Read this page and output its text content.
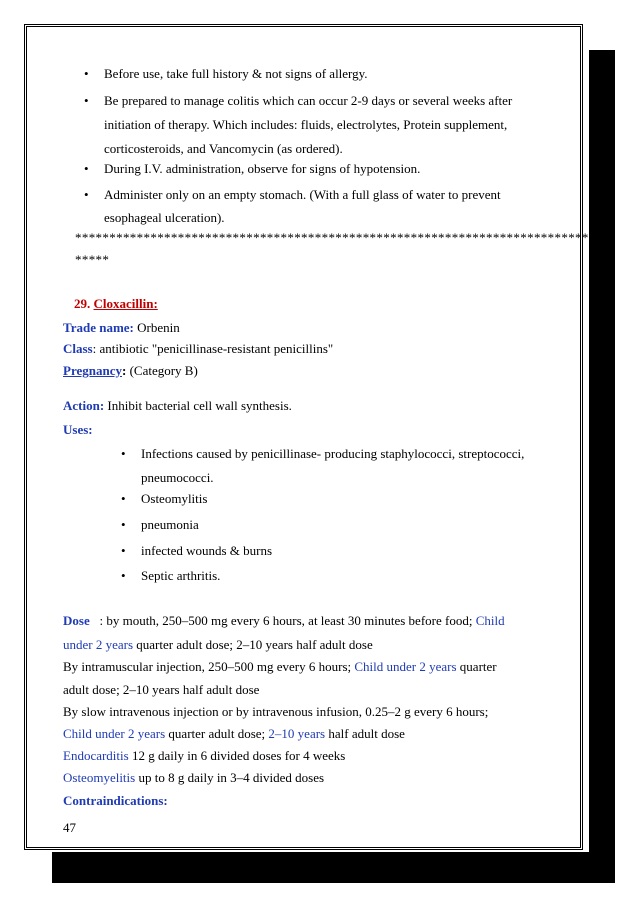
• Before use, take full history & not signs of allergy.
• Be prepared to manage colitis which can occur 2-9 days or several weeks after
initiation of therapy. Which includes: fluids, electrolytes, Protein supplement,
corticosteroids, and Vancomycin (as ordered).
• During I.V. administration, observe for signs of hypotension.
• Administer only on an empty stomach. (With a full glass of water to prevent
esophageal ulceration).
****************************************************************************
*****
29. Cloxacillin:
Trade name: Orbenin
Class: antibiotic "penicillinase-resistant penicillins"
Pregnancy: (Category B)
Action: Inhibit bacterial cell wall synthesis.
Uses:
• Infections caused by penicillinase- producing staphylococci, streptococci,
pneumococci.
• Osteomylitis
• pneumonia
• infected wounds & burns
• Septic arthritis.
Dose   : by mouth, 250–500 mg every 6 hours, at least 30 minutes before food; Child
under 2 years quarter adult dose; 2–10 years half adult dose
By intramuscular injection, 250–500 mg every 6 hours; Child under 2 years quarter
adult dose; 2–10 years half adult dose
By slow intravenous injection or by intravenous infusion, 0.25–2 g every 6 hours;
Child under 2 years quarter adult dose; 2–10 years half adult dose
Endocarditis 12 g daily in 6 divided doses for 4 weeks
Osteomyelitis up to 8 g daily in 3–4 divided doses
Contraindications:
47
